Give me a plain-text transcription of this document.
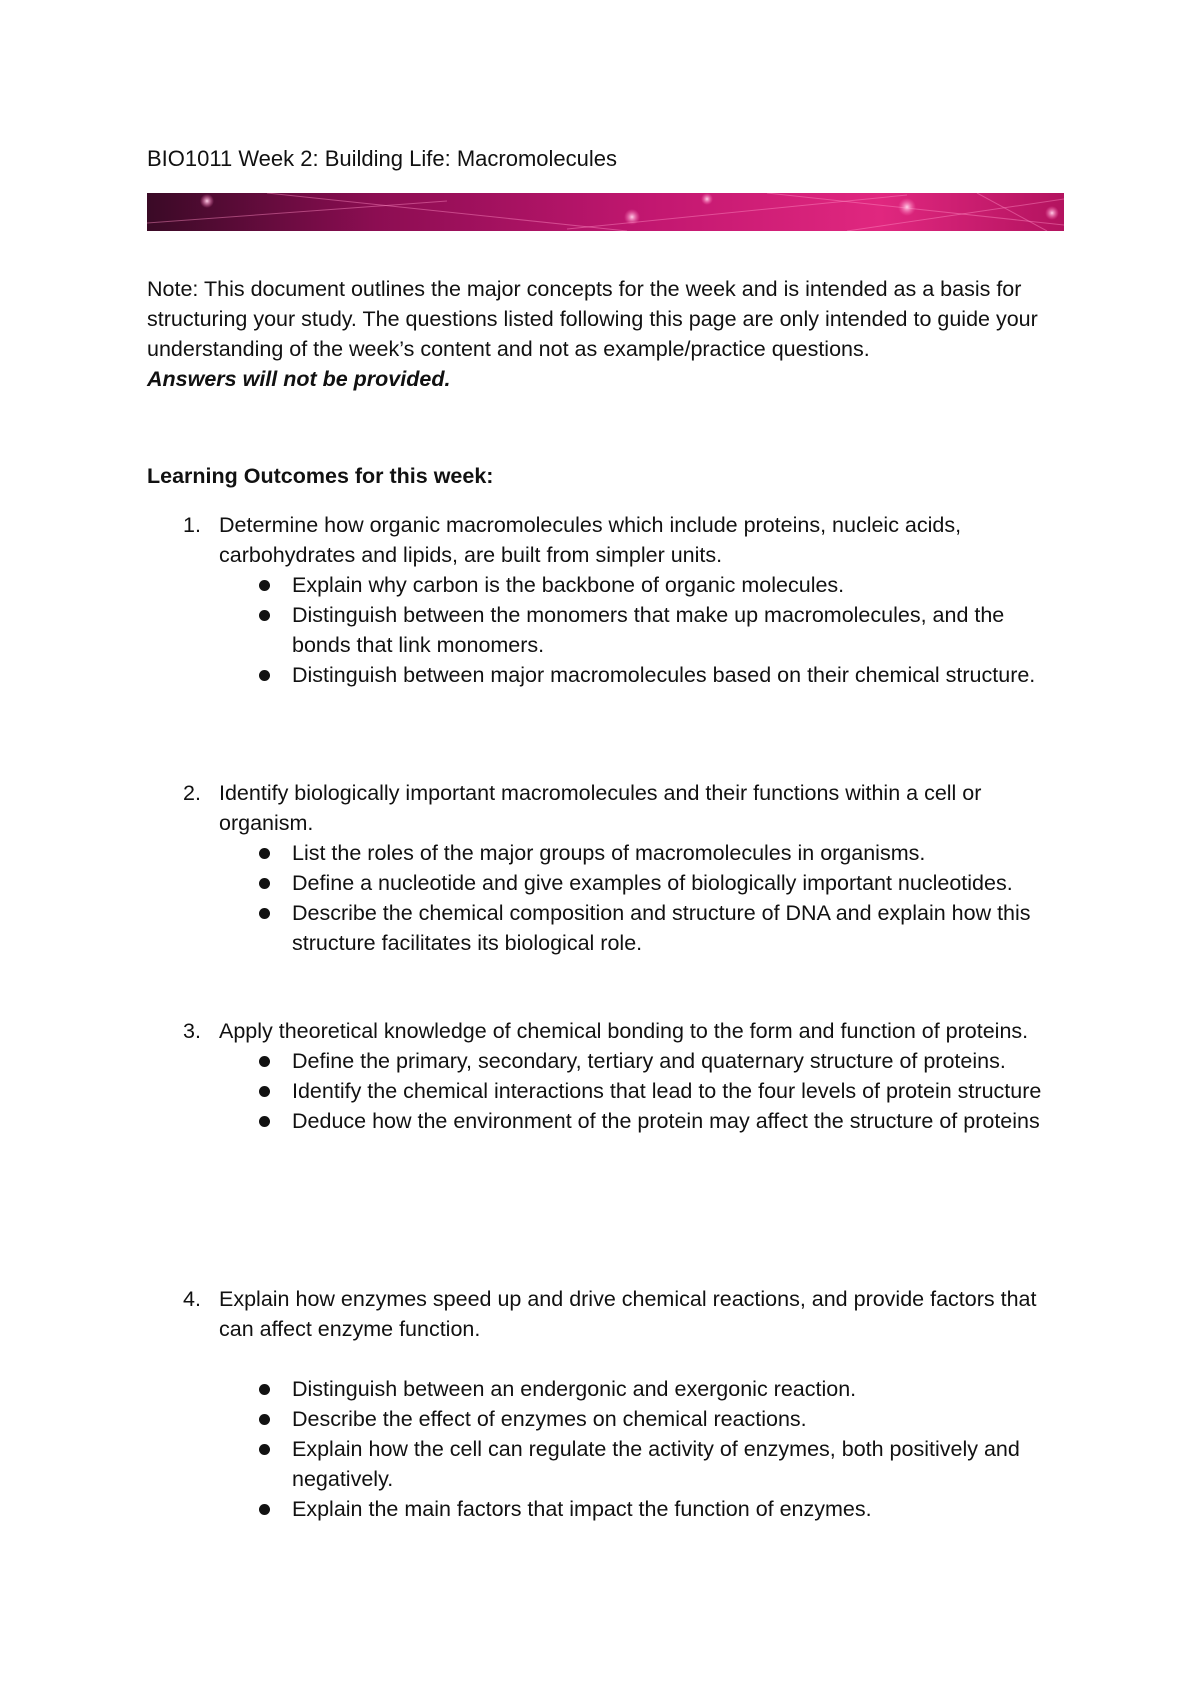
BIO1011 Week 2: Building Life: Macromolecules
Note: This document outlines the major concepts for the week and is intended as a basis for structuring your study. The questions listed following this page are only intended to guide your understanding of the week’s content and not as example/practice questions.
Answers will not be provided.
Learning Outcomes for this week:
1. Determine how organic macromolecules which include proteins, nucleic acids, carbohydrates and lipids, are built from simpler units.
Explain why carbon is the backbone of organic molecules.
Distinguish between the monomers that make up macromolecules, and the bonds that link monomers.
Distinguish between major macromolecules based on their chemical structure.
2. Identify biologically important macromolecules and their functions within a cell or organism.
List the roles of the major groups of macromolecules in organisms.
Define a nucleotide and give examples of biologically important nucleotides.
Describe the chemical composition and structure of DNA and explain how this structure facilitates its biological role.
3. Apply theoretical knowledge of chemical bonding to the form and function of proteins.
Define the primary, secondary, tertiary and quaternary structure of proteins.
Identify the chemical interactions that lead to the four levels of protein structure
Deduce how the environment of the protein may affect the structure of proteins
4. Explain how enzymes speed up and drive chemical reactions, and provide factors that can affect enzyme function.
Distinguish between an endergonic and exergonic reaction.
Describe the effect of enzymes on chemical reactions.
Explain how the cell can regulate the activity of enzymes, both positively and negatively.
Explain the main factors that impact the function of enzymes.
